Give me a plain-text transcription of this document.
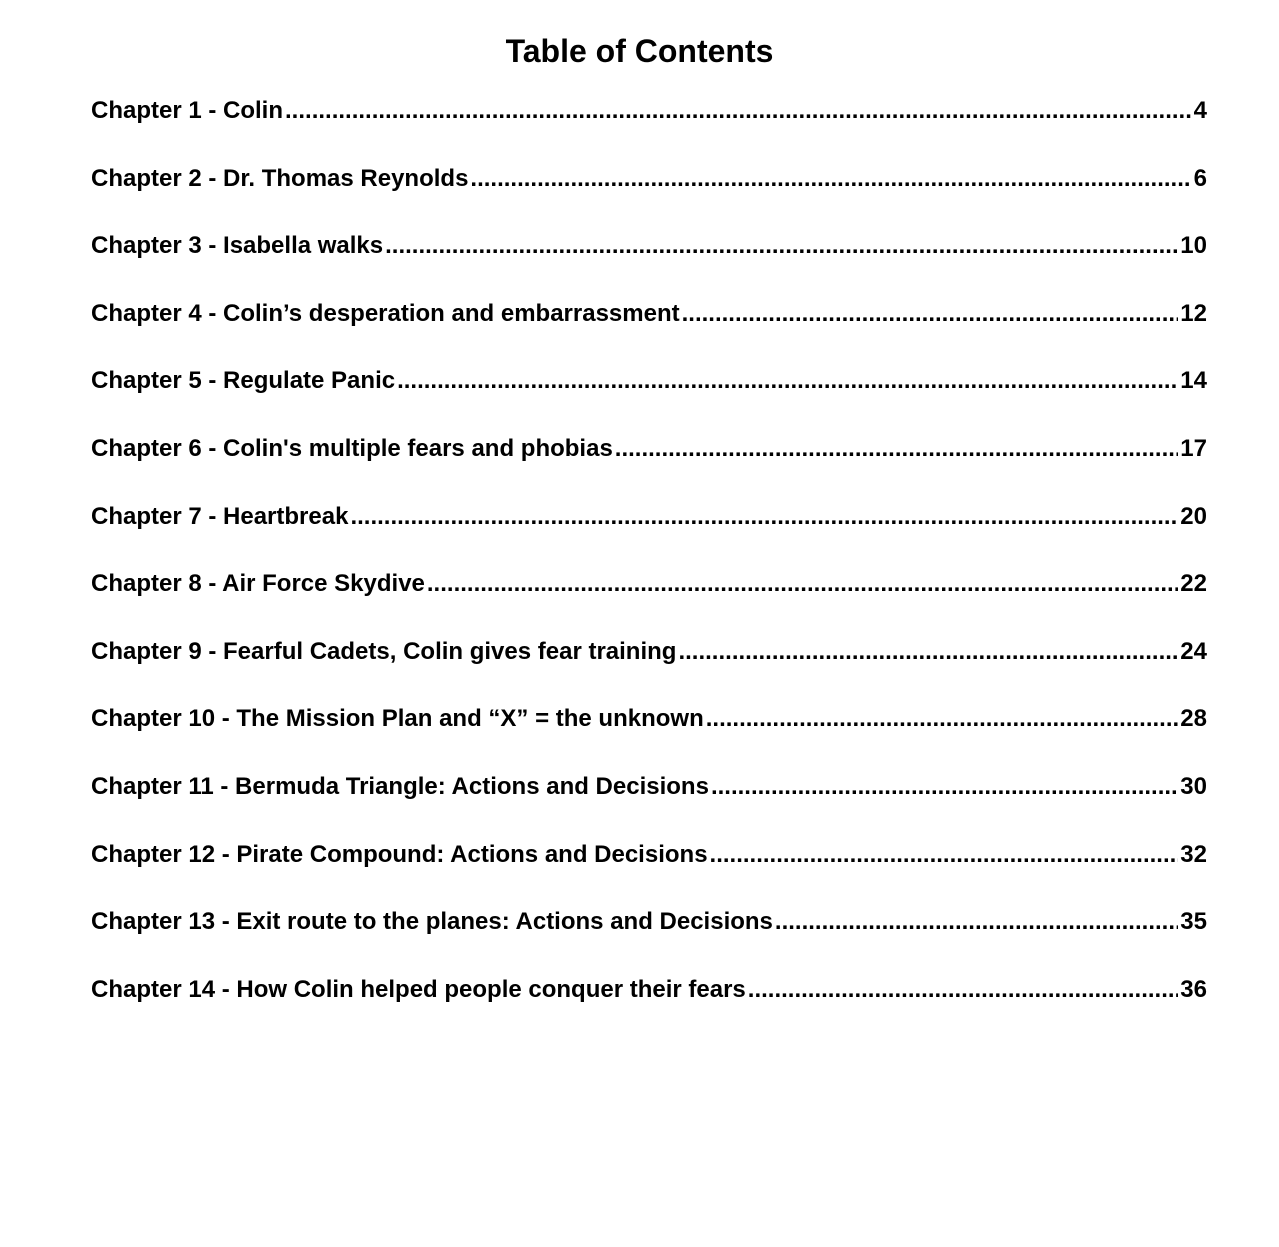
Table of Contents
Chapter 1 - Colin .....	4
Chapter 2 - Dr. Thomas Reynolds .....	6
Chapter 3 - Isabella walks .....	10
Chapter 4 - Colin’s desperation and embarrassment .....	12
Chapter 5 - Regulate Panic .....	14
Chapter 6 - Colin's multiple fears and phobias .....	17
Chapter 7 - Heartbreak .....	20
Chapter 8 - Air Force Skydive .....	22
Chapter 9 - Fearful Cadets, Colin gives fear training .....	24
Chapter 10 - The Mission Plan and “X” = the unknown .....	28
Chapter 11 - Bermuda Triangle: Actions and Decisions .....	30
Chapter 12 - Pirate Compound: Actions and Decisions .....	32
Chapter 13 - Exit route to the planes: Actions and Decisions .....	35
Chapter 14 - How Colin helped people conquer their fears .....	36
